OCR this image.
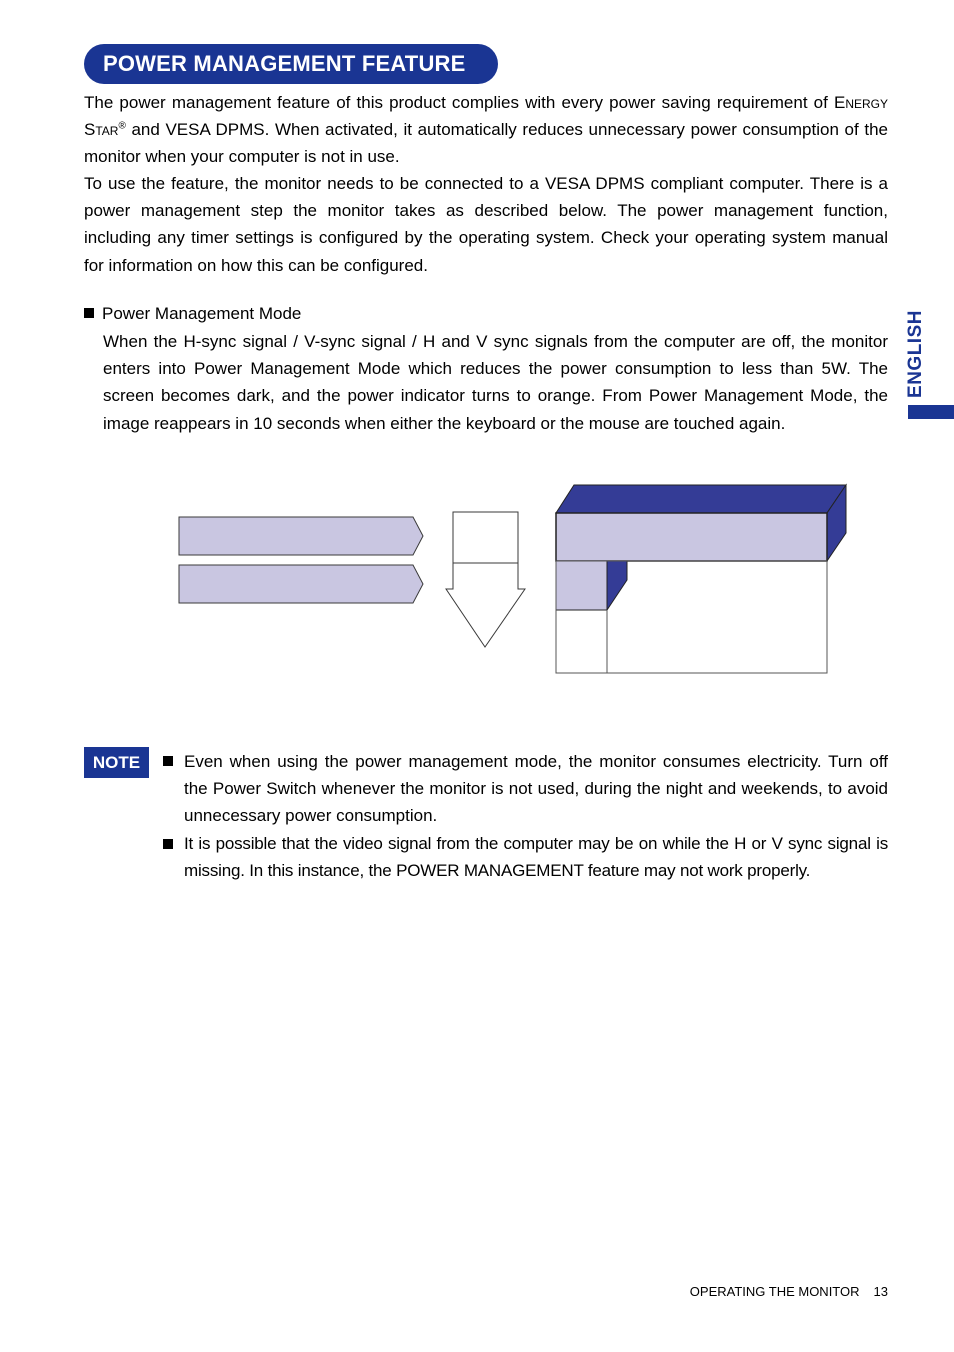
POWER MANAGEMENT FEATURE
The power management feature of this product complies with every power saving requirement of Energy Star® and VESA DPMS. When activated, it automatically reduces unnecessary power consumption of the monitor when your computer is not in use.
To use the feature, the monitor needs to be connected to a VESA DPMS compliant computer. There is a power management step the monitor takes as described below. The power management function, including any timer settings is configured by the operating system. Check your operating system manual for information on how this can be configured.
Power Management Mode
When the H-sync signal / V-sync signal / H and V sync signals from the computer are off, the monitor enters into Power Management Mode which reduces the power consumption to less than 5W. The screen becomes dark, and the power indicator turns to orange. From Power Management Mode, the image reappears in 10 seconds when either the keyboard or the mouse are touched again.
ENGLISH
NOTE	Even when using the power management mode, the monitor consumes electricity. Turn off the Power Switch whenever the monitor is not used, during the night and weekends, to avoid unnecessary power consumption.
It is possible that the video signal from the computer may be on while the H or V sync signal is missing. In this instance, the POWER MANAGEMENT feature may not work properly.
OPERATING THE MONITOR 13
